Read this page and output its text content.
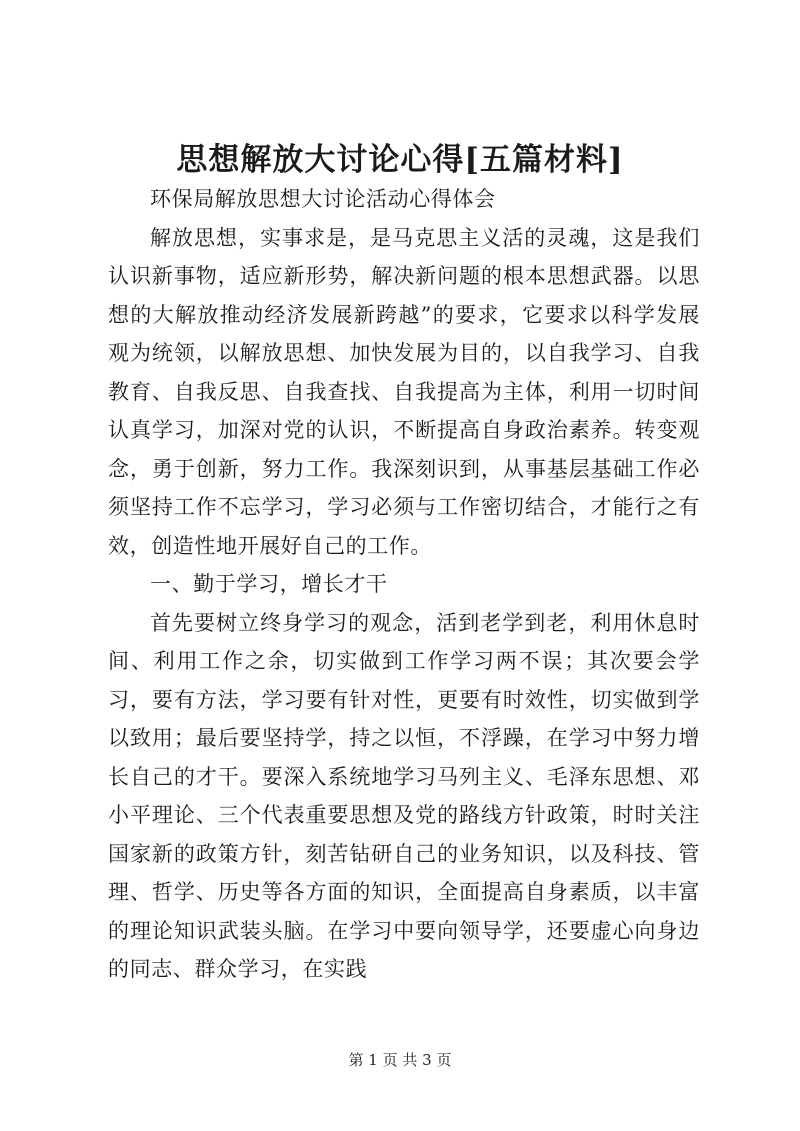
思想解放大讨论心得[五篇材料]

环保局解放思想大讨论活动心得体会

解放思想，实事求是，是马克思主义活的灵魂，这是我们认识新事物，适应新形势，解决新问题的根本思想武器。以思想的大解放推动经济发展新跨越”的要求，它要求以科学发展观为统领，以解放思想、加快发展为目的，以自我学习、自我教育、自我反思、自我查找、自我提高为主体，利用一切时间认真学习，加深对党的认识，不断提高自身政治素养。转变观念，勇于创新，努力工作。我深刻识到，从事基层基础工作必须坚持工作不忘学习，学习必须与工作密切结合，才能行之有效，创造性地开展好自己的工作。

一、勤于学习，增长才干

首先要树立终身学习的观念，活到老学到老，利用休息时间、利用工作之余，切实做到工作学习两不误；其次要会学习，要有方法，学习要有针对性，更要有时效性，切实做到学以致用；最后要坚持学，持之以恒，不浮躁，在学习中努力增长自己的才干。要深入系统地学习马列主义、毛泽东思想、邓小平理论、三个代表重要思想及党的路线方针政策，时时关注国家新的政策方针，刻苦钻研自己的业务知识，以及科技、管理、哲学、历史等各方面的知识，全面提高自身素质，以丰富的理论知识武装头脑。在学习中要向领导学，还要虚心向身边的同志、群众学习，在实践

第 1 页 共 3 页
